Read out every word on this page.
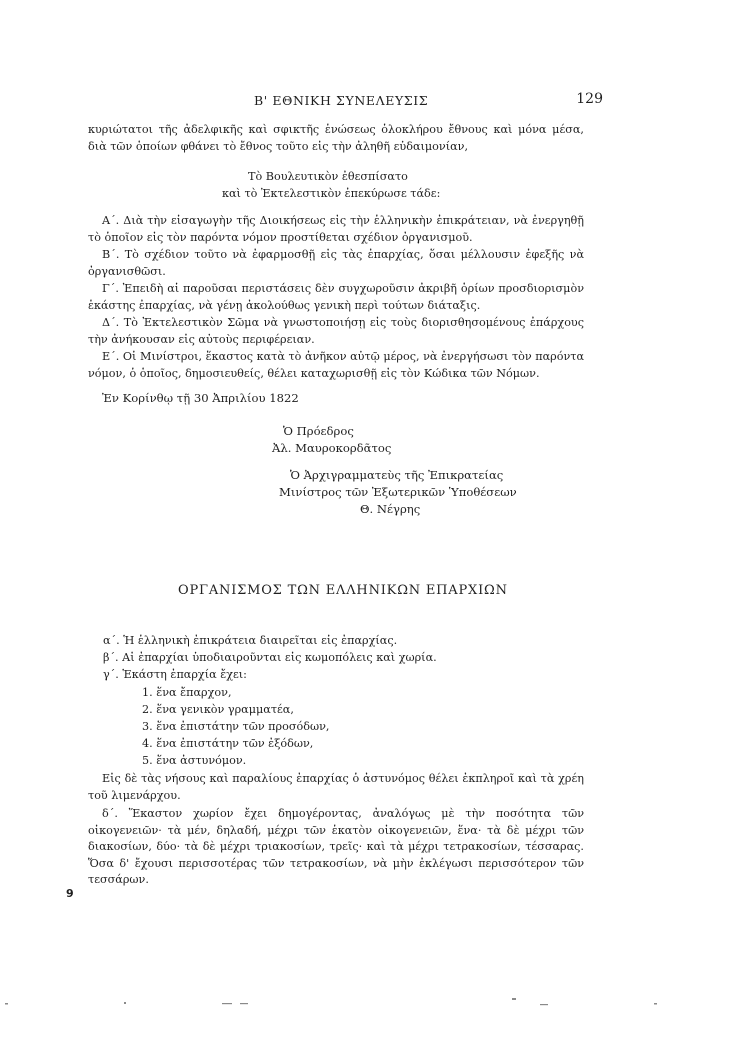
Β' ΕΘΝΙΚΗ ΣΥΝΕΛΕΥΣΙΣ	129

κυριώτατοι τῆς ἀδελφικῆς καὶ σφικτῆς ἑνώσεως ὁλοκλήρου ἔθνους καὶ μόνα μέσα, διὰ τῶν ὁποίων φθάνει τὸ ἔθνος τοῦτο εἰς τὴν ἀληθῆ εὐδαιμονίαν,

Τὸ Βουλευτικὸν ἐθεσπίσατο
καὶ τὸ Ἐκτελεστικὸν ἐπεκύρωσε τάδε:

Α΄. Διὰ τὴν εἰσαγωγὴν τῆς Διοικήσεως εἰς τὴν ἑλληνικὴν ἐπικράτειαν, νὰ ἐνεργηθῇ τὸ ὁποῖον εἰς τὸν παρόντα νόμον προστίθεται σχέδιον ὀργανισμοῦ.

Β΄. Τὸ σχέδιον τοῦτο νὰ ἐφαρμοσθῇ εἰς τὰς ἐπαρχίας, ὅσαι μέλλουσιν ἐφεξῆς νὰ ὀργανισθῶσι.

Γ΄. Ἐπειδὴ αἱ παροῦσαι περιστάσεις δὲν συγχωροῦσιν ἀκριβῆ ὁρίων προσδιορισμὸν ἑκάστης ἐπαρχίας, νὰ γένῃ ἀκολούθως γενικὴ περὶ τούτων διάταξις.

Δ΄. Τὸ Ἐκτελεστικὸν Σῶμα νὰ γνωστοποιήσῃ εἰς τοὺς διορισθησομένους ἐπάρχους τὴν ἀνήκουσαν εἰς αὐτοὺς περιφέρειαν.

Ε΄. Οἱ Μινίστροι, ἕκαστος κατὰ τὸ ἀνῆκον αὐτῷ μέρος, νὰ ἐνεργήσωσι τὸν παρόντα νόμον, ὁ ὁποῖος, δημοσιευθείς, θέλει καταχωρισθῇ εἰς τὸν Κώδικα τῶν Νόμων.

Ἐν Κορίνθῳ τῇ 30 Ἀπριλίου 1822
Ὁ Πρόεδρος
Ἀλ. Μαυροκορδᾶτος
Ὁ Ἀρχιγραμματεὺς τῆς Ἐπικρατείας
Μινίστρος τῶν Ἐξωτερικῶν Ὑποθέσεων
Θ. Νέγρης
ΟΡΓΑΝΙΣΜΟΣ ΤΩΝ ΕΛΛΗΝΙΚΩΝ ΕΠΑΡΧΙΩΝ
α΄. Ἡ ἑλληνικὴ ἐπικράτεια διαιρεῖται εἰς ἐπαρχίας.
β΄. Αἱ ἐπαρχίαι ὑποδιαιροῦνται εἰς κωμοπόλεις καὶ χωρία.
γ΄. Ἑκάστη ἐπαρχία ἔχει:
1. ἕνα ἔπαρχον,
2. ἕνα γενικὸν γραμματέα,
3. ἕνα ἐπιστάτην τῶν προσόδων,
4. ἕνα ἐπιστάτην τῶν ἐξόδων,
5. ἕνα ἀστυνόμον.

Εἰς δὲ τὰς νήσους καὶ παραλίους ἐπαρχίας ὁ ἀστυνόμος θέλει ἐκπληροῖ καὶ τὰ χρέη τοῦ λιμενάρχου.

δ΄. Ἕκαστον χωρίον ἔχει δημογέροντας, ἀναλόγως μὲ τὴν ποσότητα τῶν οἰκογενειῶν· τὰ μέν, δηλαδή, μέχρι τῶν ἑκατὸν οἰκογενειῶν, ἕνα· τὰ δὲ μέχρι τῶν διακοσίων, δύο· τὰ δὲ μέχρι τριακοσίων, τρεῖς· καὶ τὰ μέχρι τετρακοσίων, τέσσαρας. Ὅσα δ' ἔχουσι περισσοτέρας τῶν τετρακοσίων, νὰ μὴν ἐκλέγωσι περισσότερον τῶν τεσσάρων.

9
